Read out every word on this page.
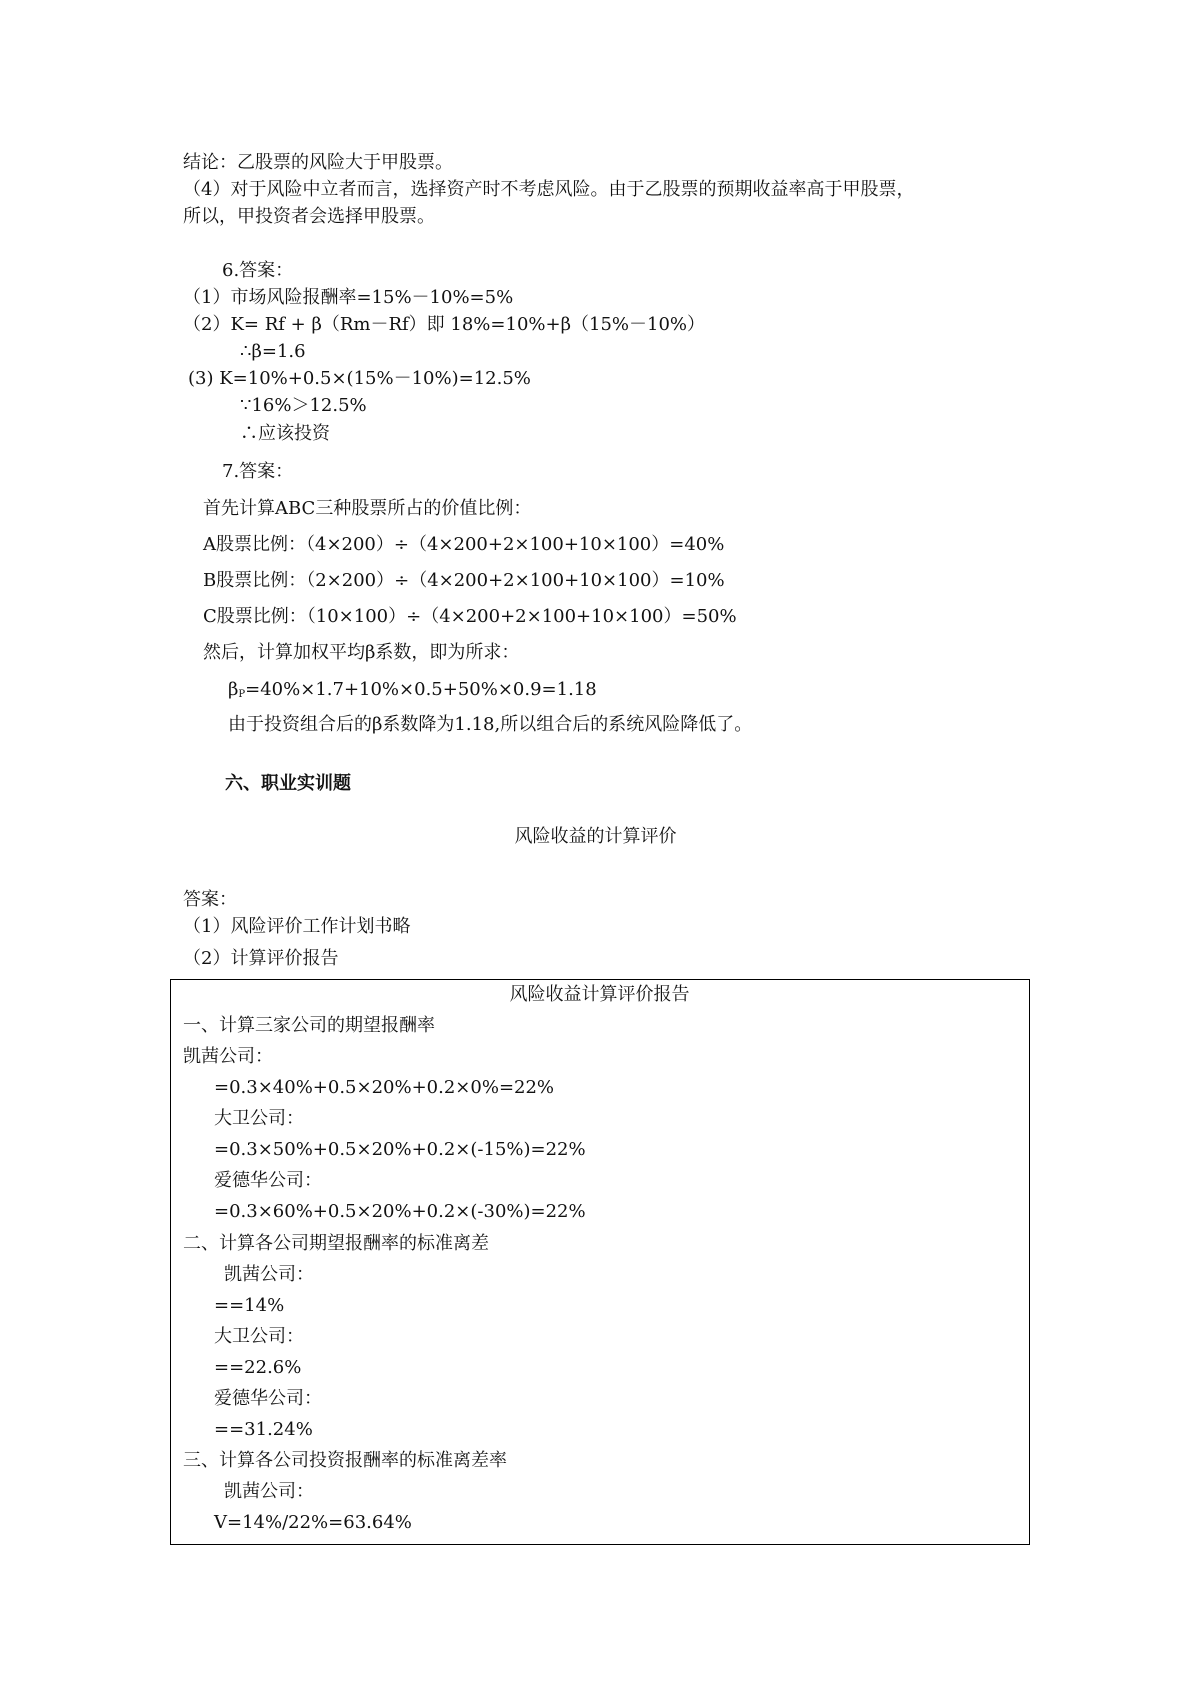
结论：乙股票的风险大于甲股票。
（4）对于风险中立者而言，选择资产时不考虑风险。由于乙股票的预期收益率高于甲股票，
所以，甲投资者会选择甲股票。
6.答案：
（1）市场风险报酬率=15%－10%=5%
（2）K= Rf + β（Rm－Rf）即 18%=10%+β（15%－10%）
∴β=1.6
(3) K=10%+0.5×(15%－10%)=12.5%
∵16%＞12.5%
∴应该投资
7.答案：
首先计算ABC三种股票所占的价值比例：
A股票比例：（4×200）÷（4×200+2×100+10×100）=40%
B股票比例：（2×200）÷（4×200+2×100+10×100）=10%
C股票比例：（10×100）÷（4×200+2×100+10×100）=50%
然后，计算加权平均β系数，即为所求：
$\beta_P=40\%\times 1.7+10\%\times 0.5+50\%\times 0.9=1.18$
由于投资组合后的β系数降为1.18,所以组合后的系统风险降低了。
六、职业实训题
风险收益的计算评价
答案：
（1）风险评价工作计划书略
（2）计算评价报告
风险收益计算评价报告
一、计算三家公司的期望报酬率
凯茜公司：
=0.3×40%+0.5×20%+0.2×0%=22%
大卫公司：
=0.3×50%+0.5×20%+0.2×(-15%)=22%
爱德华公司：
=0.3×60%+0.5×20%+0.2×(-30%)=22%
二、计算各公司期望报酬率的标准离差
凯茜公司：
==14%
大卫公司：
==22.6%
爱德华公司：
==31.24%
三、计算各公司投资报酬率的标准离差率
凯茜公司：
V=14%/22%=63.64%
